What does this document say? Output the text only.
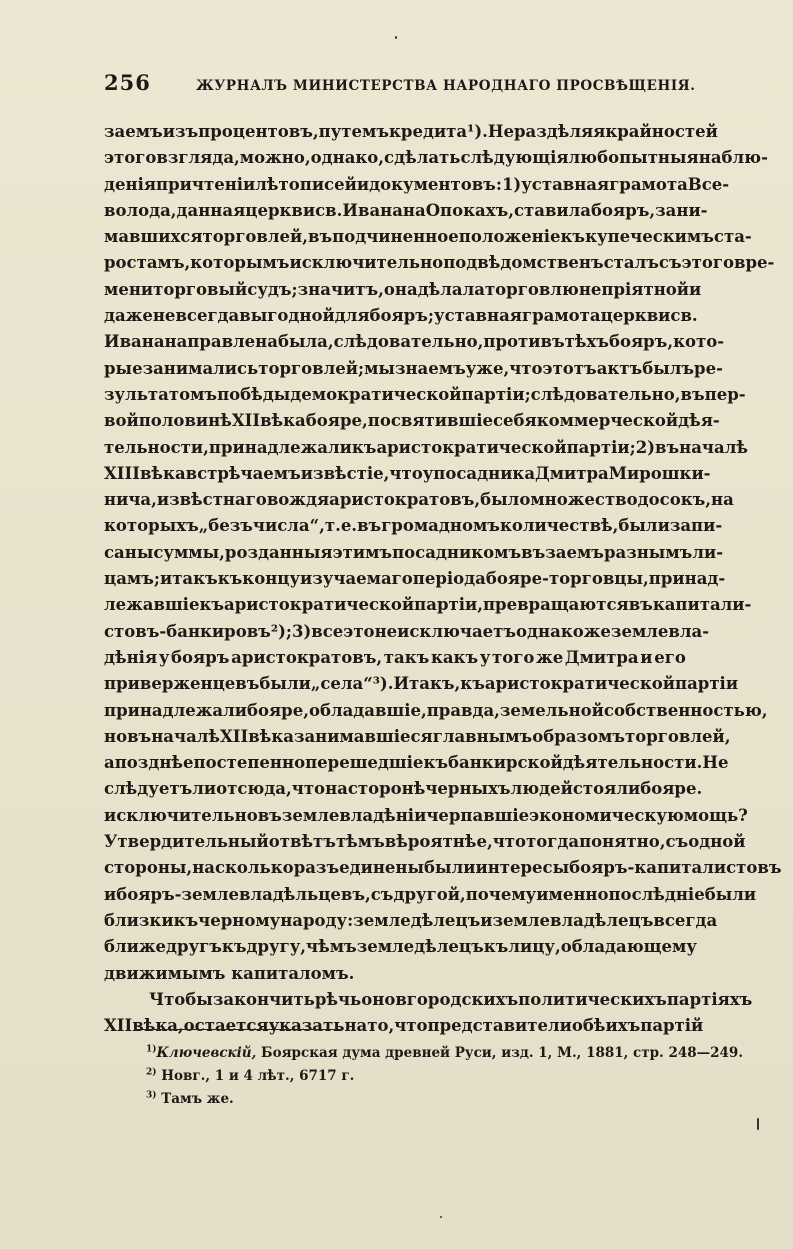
256	ЖУРНАЛЪ МИНИСТЕРСТВА НАРОДНАГО ПРОСВѢЩЕНІЯ.
заемъ изъ процентовъ, путемъ кредита ¹). Не раздѣляя крайностей
этого взгляда, можно, однако, сдѣлать слѣдующія любопытныя наблю-
денія при чтеніи лѣтописей и документовъ: 1) уставная грамота Все-
волода, данная церкви св. Ивана на Опокахъ, ставила бояръ, зани-
мавшихся торговлей, въ подчиненное положеніе къ купеческимъ ста-
ростамъ, которымъ исключительно подвѣдомственъ сталъ съ этого вре-
мени торговый судъ; значитъ, она дѣлала торговлю непріятной и
даже не всегда выгодной для бояръ; уставная грамота церкви св.
Ивана направлена была, слѣдовательно, противъ тѣхъ бояръ, кото-
рые занимались торговлей; мы знаемъ уже, что этотъ актъ былъ ре-
зультатомъ побѣды демократической партіи; слѣдовательно, въ пер-
вой половинѣ XII вѣка бояре, посвятившіе себя коммерческой дѣя-
тельности, принадлежали къ аристократической партіи; 2) въ началѣ
XIII вѣка встрѣчаемъ извѣстіе, что у посадника Дмитра Мирошки-
нича, извѣстнаго вождя аристократовъ, было множество досокъ, на
которыхъ „безъ числа“, т. е. въ громадномъ количествѣ, были запи-
саны суммы, розданныя этимъ посадникомъ въ заемъ разнымъ ли-
цамъ; итакъ къ концу изучаемаго періода бояре-торговцы, принад-
лежавшіе къ аристократической партіи, превращаются въ капитали-
стовъ-банкировъ ²); 3) все это не исключаетъ однако же землевла-
дѣнія у бояръ аристократовъ, такъ какъ у того же Дмитра и его
приверженцевъ были „села“ ³). Итакъ, къ аристократической партіи
принадлежали бояре, обладавшіе, правда, земельной собственностью,
но въ началѣ XII вѣка занимавшіеся главнымъ образомъ торговлей,
а позднѣе постепенно перешедшіе къ банкирской дѣятельности. Не
слѣдуетъ ли отсюда, что на сторонѣ черныхъ людей стояли бояре.
исключительно въ землевладѣніи черпавшіе экономическую мощь?
Утвердительный отвѣтъ тѣмъ вѣроятнѣе, что тогда понятно, съ одной
стороны, насколько разъединены были интересы бояръ-капиталистовъ
и бояръ-землевладѣльцевъ, съ другой, почему именно послѣдніе были
близки къ черному народу: земледѣлецъ и землевладѣлецъ всегда
ближе другъ къ другу, чѣмъ земледѣлецъ къ лицу, обладающему
движимымъ капиталомъ.
Чтобы закончить рѣчь о новгородскихъ политическихъ партіяхъ
XII вѣка, остается указать на то, что представители обѣихъ партій
$^{1)}$Ключевскій, Боярская дума древней Руси, изд. 1, М., 1881, стр. 248—249.
$^{2)}$ Новг., 1 и 4 лѣт., 6717 г.
$^{3)}$ Тамъ же.
